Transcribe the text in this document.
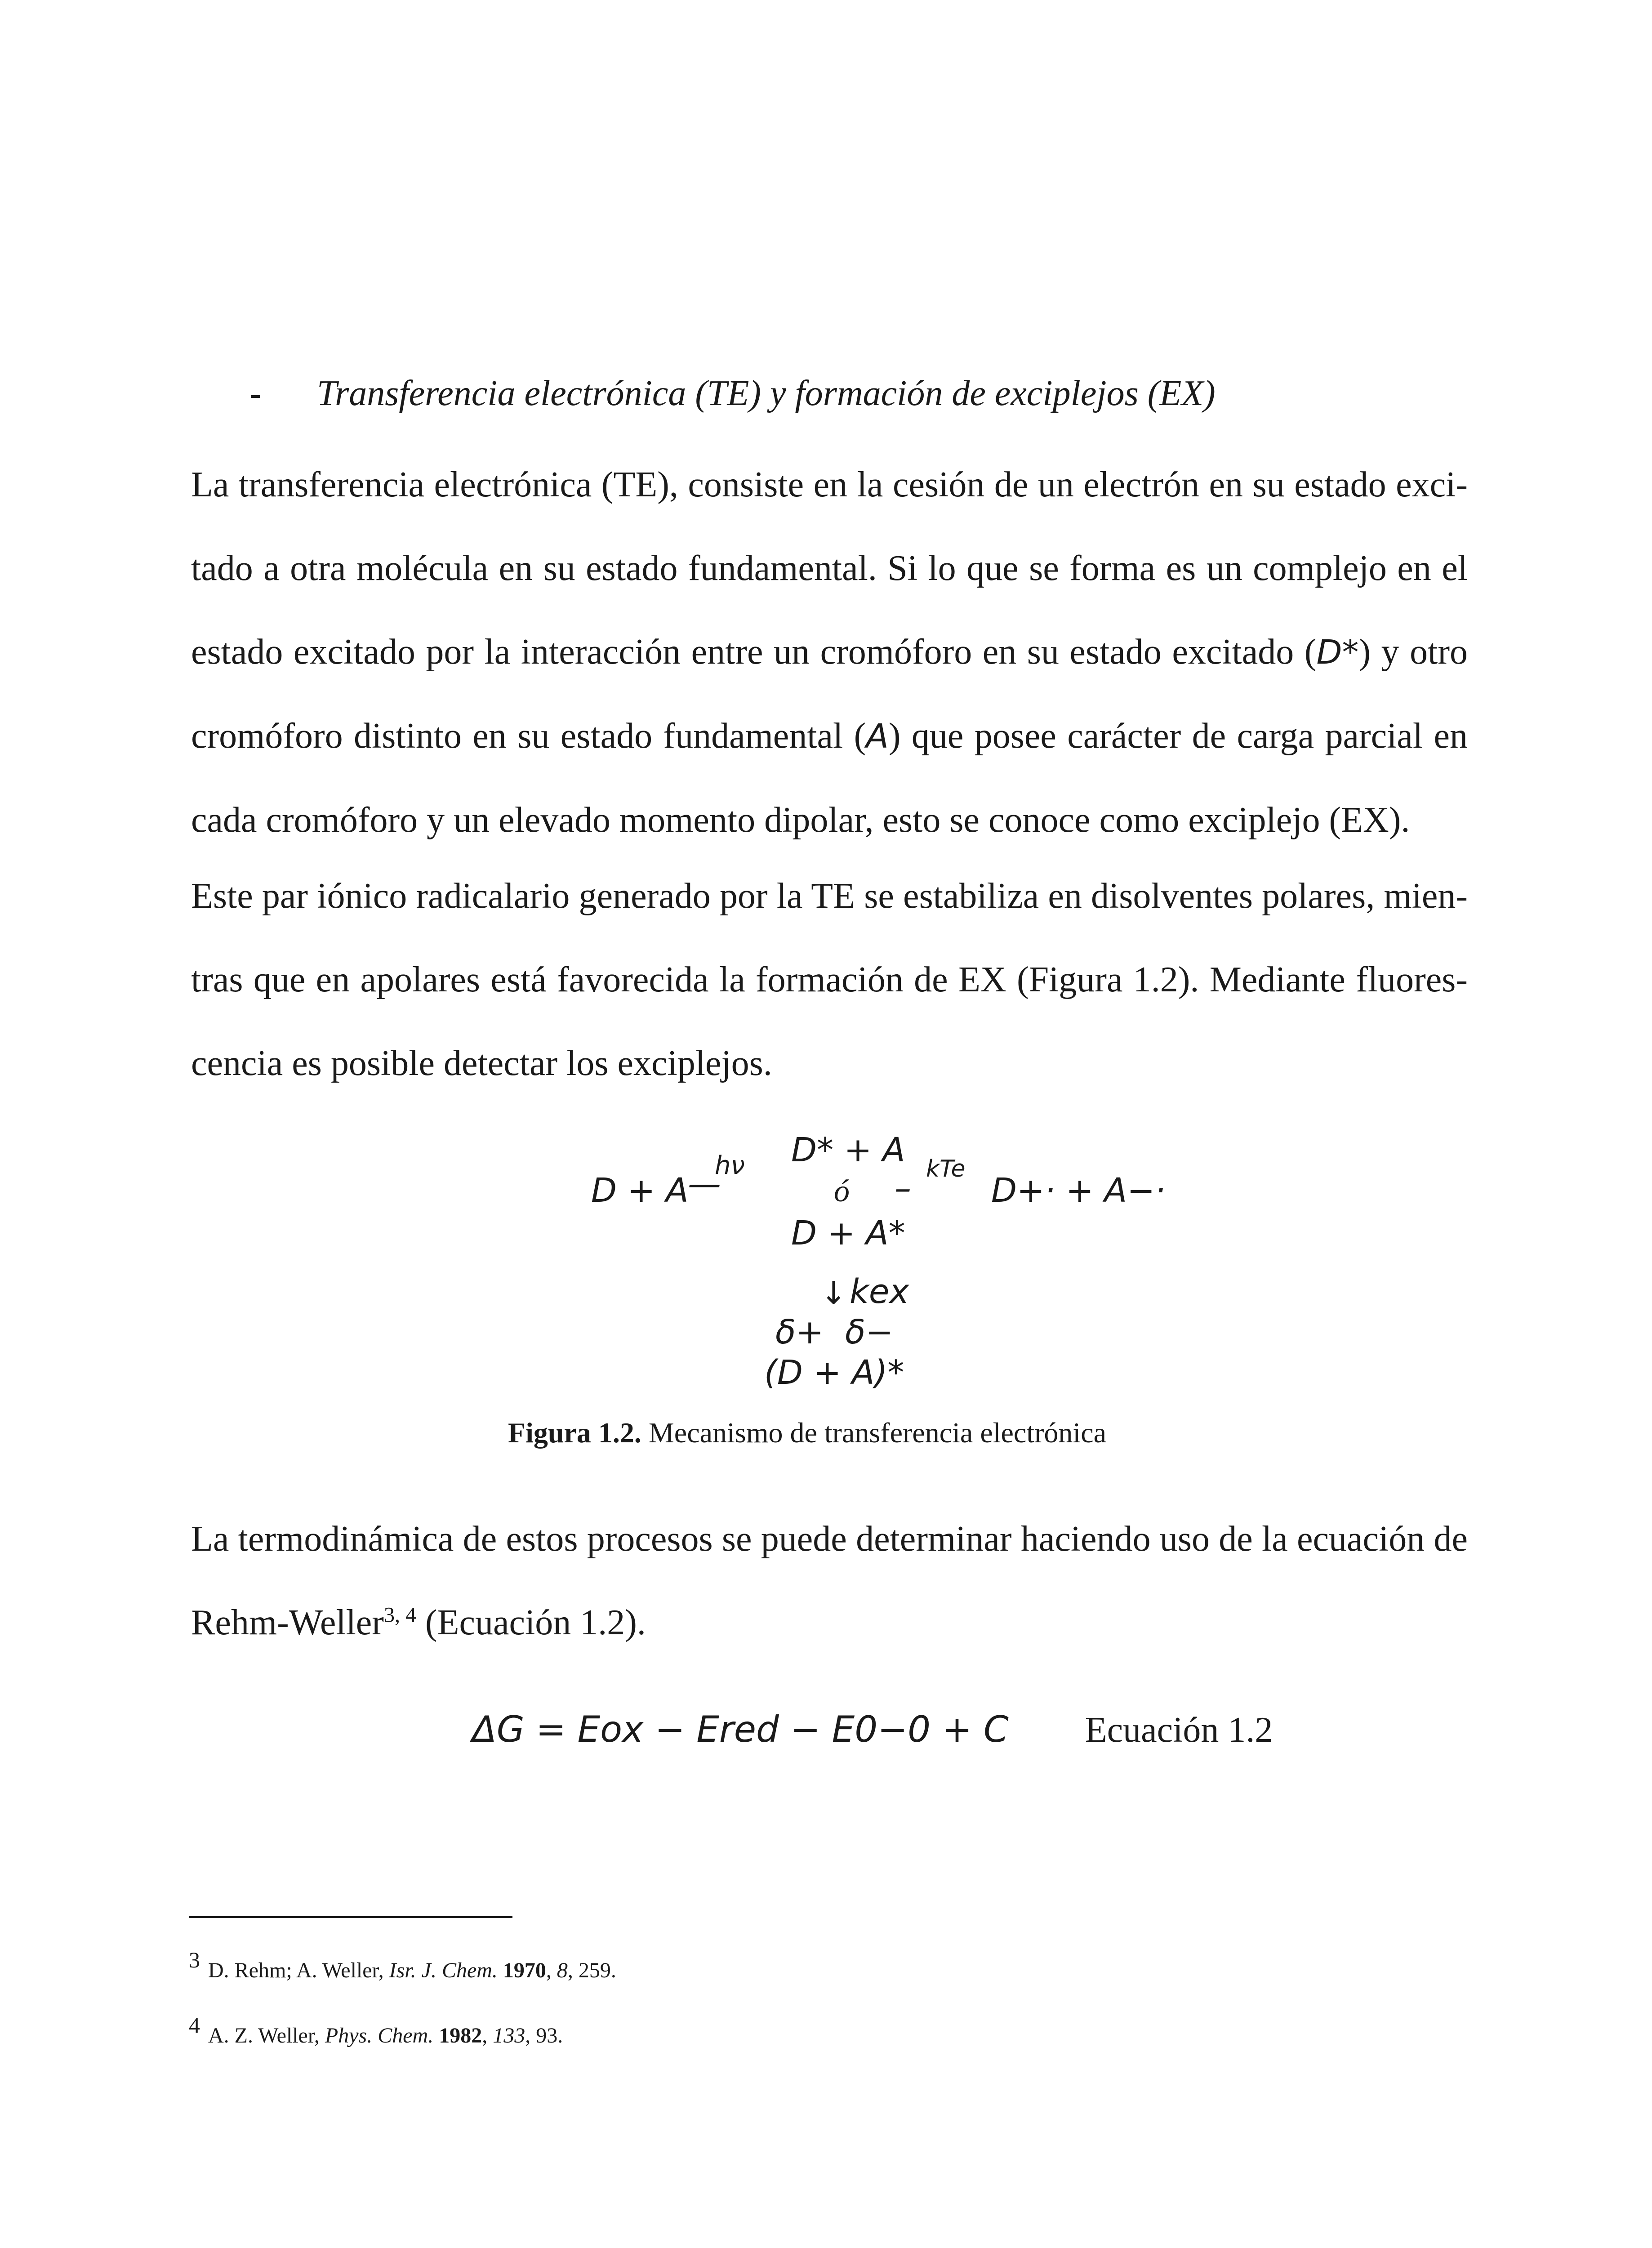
- Transferencia electrónica (TE) y formación de exciplejos (EX)

La transferencia electrónica (TE), consiste en la cesión de un electrón en su estado exci-

tado a otra molécula en su estado fundamental. Si lo que se forma es un complejo en el

estado excitado por la interacción entre un cromóforo en su estado excitado (D*) y otro

cromóforo distinto en su estado fundamental (A) que posee carácter de carga parcial en

cada cromóforo y un elevado momento dipolar, esto se conoce como exciplejo (EX).

Este par iónico radicalario generado por la TE se estabiliza en disolventes polares, mien-

tras que en apolares está favorecida la formación de EX (Figura 1.2). Mediante fluores-

cencia es posible detectar los exciplejos.

D + A
—
hν D* + A
ó
D + A*
– kTe
D+· + A−·
↓ kex
δ+ δ−
(D + A)*
Figura 1.2. Mecanismo de transferencia electrónica

La termodinámica de estos procesos se puede determinar haciendo uso de la ecuación de

Rehm-Weller$^{3, 4}$ (Ecuación 1.2).

ΔG = Eox − Ered − E0−0 + C Ecuación 1.2
3 D. Rehm; A. Weller, Isr. J. Chem. 1970, 8, 259.
4 A. Z. Weller, Phys. Chem. 1982, 133, 93.
